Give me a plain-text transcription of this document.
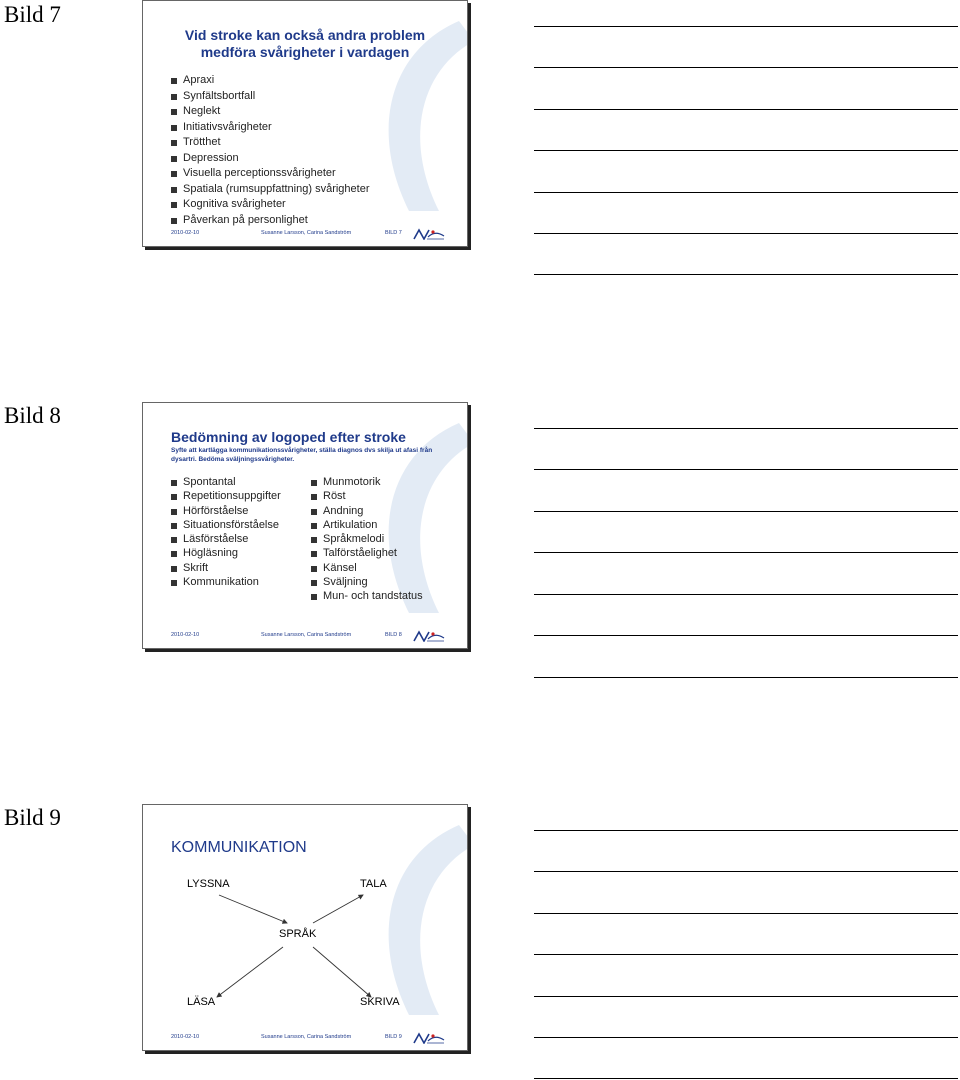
Bild 7
Vid stroke kan också andra problem medföra svårigheter i vardagen
Apraxi
Synfältsbortfall
Neglekt
Initiativsvårigheter
Trötthet
Depression
Visuella perceptionssvårigheter
Spatiala (rumsuppfattning) svårigheter
Kognitiva svårigheter
Påverkan på personlighet
2010-02-10	Susanne Larsson, Carina Sandström	BILD 7
Bild 8
Bedömning av logoped efter stroke
Syfte att kartlägga kommunikationssvårigheter, ställa diagnos dvs skilja ut afasi från dysartri. Bedöma sväljningssvårigheter.
Spontantal
Repetitionsuppgifter
Hörförståelse
Situationsförståelse
Läsförståelse
Högläsning
Skrift
Kommunikation
Munmotorik
Röst
Andning
Artikulation
Språkmelodi
Talförståelighet
Känsel
Sväljning
Mun- och tandstatus
2010-02-10	Susanne Larsson, Carina Sandström	BILD 8
Bild 9
KOMMUNIKATION
LYSSNA	TALA
SPRÅK
LÄSA	SKRIVA
2010-02-10	Susanne Larsson, Carina Sandström	BILD 9
